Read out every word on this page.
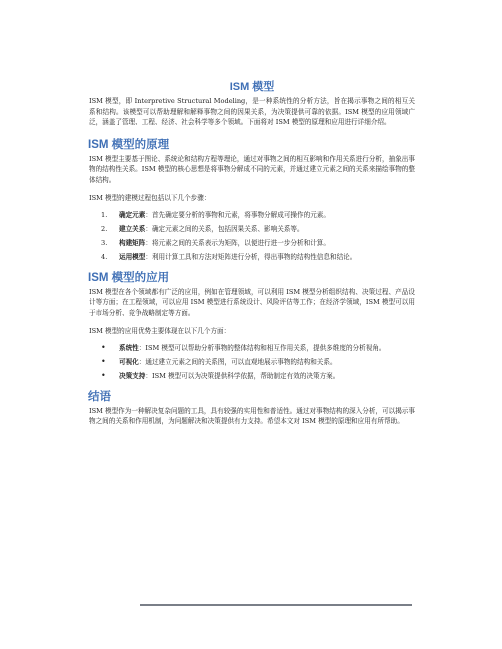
ISM 模型

ISM 模型，即 Interpretive Structural Modeling，是一种系统性的分析方法，旨在揭示事物之间的相互关系和结构。该模型可以帮助理解和解释事物之间的因果关系，为决策提供可靠的依据。ISM 模型的应用领域广泛，涵盖了管理、工程、经济、社会科学等多个领域。下面将对 ISM 模型的原理和应用进行详细介绍。

ISM 模型的原理

ISM 模型主要基于图论、系统论和结构方程等理论，通过对事物之间的相互影响和作用关系进行分析，抽象出事物的结构性关系。ISM 模型的核心思想是将事物分解成不同的元素，并通过建立元素之间的关系来描绘事物的整体结构。

ISM 模型的建模过程包括以下几个步骤：

1. 确定元素：首先确定要分析的事物和元素，将事物分解成可操作的元素。
2. 建立关系：确定元素之间的关系，包括因果关系、影响关系等。
3. 构建矩阵：将元素之间的关系表示为矩阵，以便进行进一步分析和计算。
4. 运用模型：利用计算工具和方法对矩阵进行分析，得出事物的结构性信息和结论。
ISM 模型的应用

ISM 模型在各个领域都有广泛的应用，例如在管理领域，可以利用 ISM 模型分析组织结构、决策过程、产品设计等方面；在工程领域，可以应用 ISM 模型进行系统设计、风险评估等工作；在经济学领域，ISM 模型可以用于市场分析、竞争战略制定等方面。

ISM 模型的应用优势主要体现在以下几个方面：

• 系统性：ISM 模型可以帮助分析事物的整体结构和相互作用关系，提供多维度的分析视角。
• 可视化：通过建立元素之间的关系图，可以直观地展示事物的结构和关系。
• 决策支持：ISM 模型可以为决策提供科学依据，帮助制定有效的决策方案。
结语

ISM 模型作为一种解决复杂问题的工具，具有较强的实用性和普适性。通过对事物结构的深入分析，可以揭示事物之间的关系和作用机制，为问题解决和决策提供有力支持。希望本文对 ISM 模型的原理和应用有所帮助。
